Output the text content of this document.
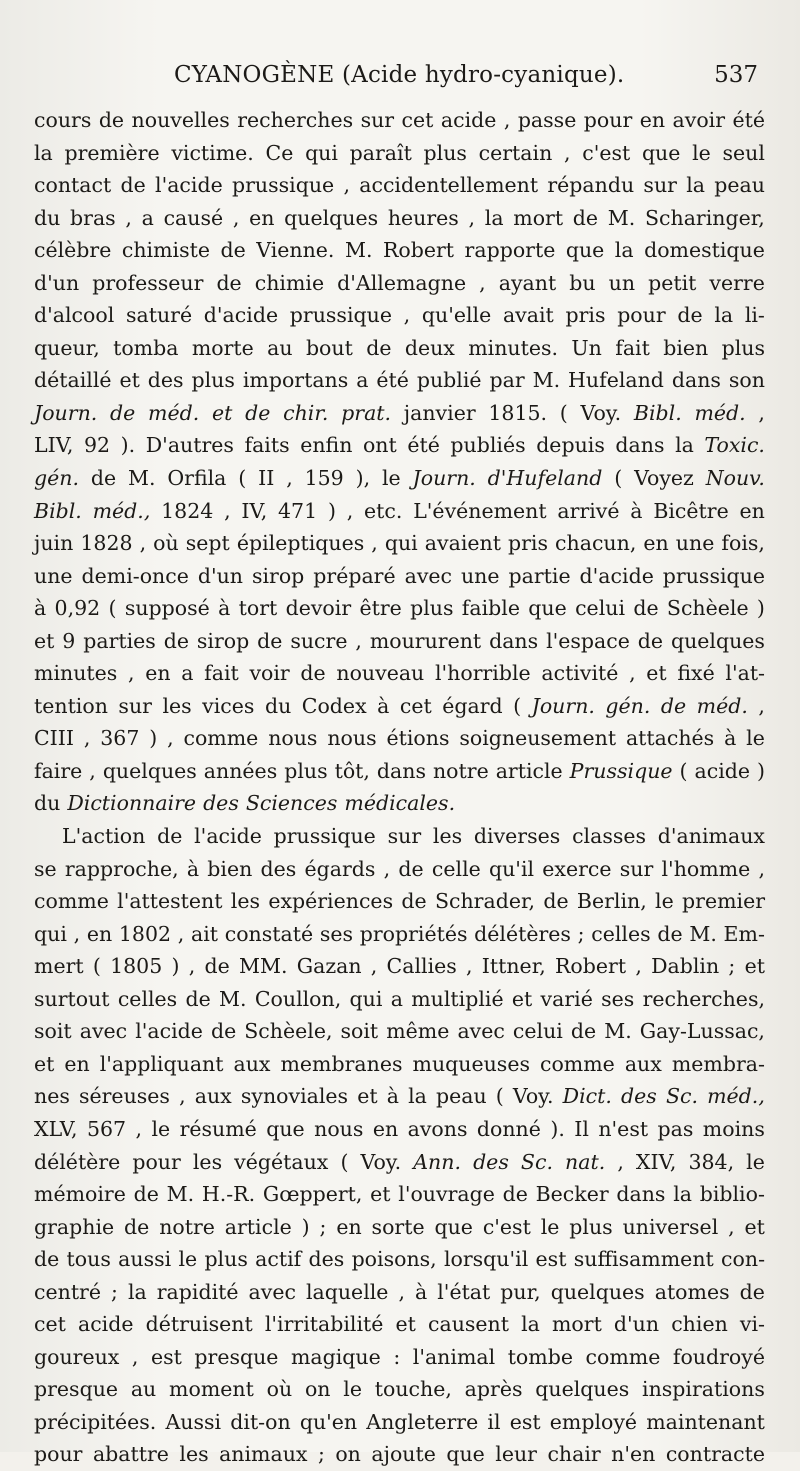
CYANOGÈNE (Acide hydro-cyanique).	537
cours de nouvelles recherches sur cet acide , passe pour en avoir été
la première victime. Ce qui paraît plus certain , c'est que le seul
contact de l'acide prussique , accidentellement répandu sur la peau
du bras , a causé , en quelques heures , la mort de M. Scharinger,
célèbre chimiste de Vienne. M. Robert rapporte que la domestique
d'un professeur de chimie d'Allemagne , ayant bu un petit verre
d'alcool saturé d'acide prussique , qu'elle avait pris pour de la li-
queur, tomba morte au bout de deux minutes. Un fait bien plus
détaillé et des plus importans a été publié par M. Hufeland dans son
Journ. de méd. et de chir. prat. janvier 1815. ( Voy. Bibl. méd. ,
LIV, 92 ). D'autres faits enfin ont été publiés depuis dans la Toxic.
gén. de M. Orfila ( II , 159 ), le Journ. d'Hufeland ( Voyez Nouv.
Bibl. méd., 1824 , IV, 471 ) , etc. L'événement arrivé à Bicêtre en
juin 1828 , où sept épileptiques , qui avaient pris chacun, en une fois,
une demi-once d'un sirop préparé avec une partie d'acide prussique
à 0,92 ( supposé à tort devoir être plus faible que celui de Schèele )
et 9 parties de sirop de sucre , moururent dans l'espace de quelques
minutes , en a fait voir de nouveau l'horrible activité , et fixé l'at-
tention sur les vices du Codex à cet égard ( Journ. gén. de méd. ,
CIII , 367 ) , comme nous nous étions soigneusement attachés à le
faire , quelques années plus tôt, dans notre article Prussique ( acide )
du Dictionnaire des Sciences médicales.
L'action de l'acide prussique sur les diverses classes d'animaux
se rapproche, à bien des égards , de celle qu'il exerce sur l'homme ,
comme l'attestent les expériences de Schrader, de Berlin, le premier
qui , en 1802 , ait constaté ses propriétés délétères ; celles de M. Em-
mert ( 1805 ) , de MM. Gazan , Callies , Ittner, Robert , Dablin ; et
surtout celles de M. Coullon, qui a multiplié et varié ses recherches,
soit avec l'acide de Schèele, soit même avec celui de M. Gay-Lussac,
et en l'appliquant aux membranes muqueuses comme aux membra-
nes séreuses , aux synoviales et à la peau ( Voy. Dict. des Sc. méd.,
XLV, 567 , le résumé que nous en avons donné ). Il n'est pas moins
délétère pour les végétaux ( Voy. Ann. des Sc. nat. , XIV, 384, le
mémoire de M. H.-R. Gœppert, et l'ouvrage de Becker dans la biblio-
graphie de notre article ) ; en sorte que c'est le plus universel , et
de tous aussi le plus actif des poisons, lorsqu'il est suffisamment con-
centré ; la rapidité avec laquelle , à l'état pur, quelques atomes de
cet acide détruisent l'irritabilité et causent la mort d'un chien vi-
goureux , est presque magique : l'animal tombe comme foudroyé
presque au moment où on le touche, après quelques inspirations
précipitées. Aussi dit-on qu'en Angleterre il est employé maintenant
pour abattre les animaux ; on ajoute que leur chair n'en contracte
